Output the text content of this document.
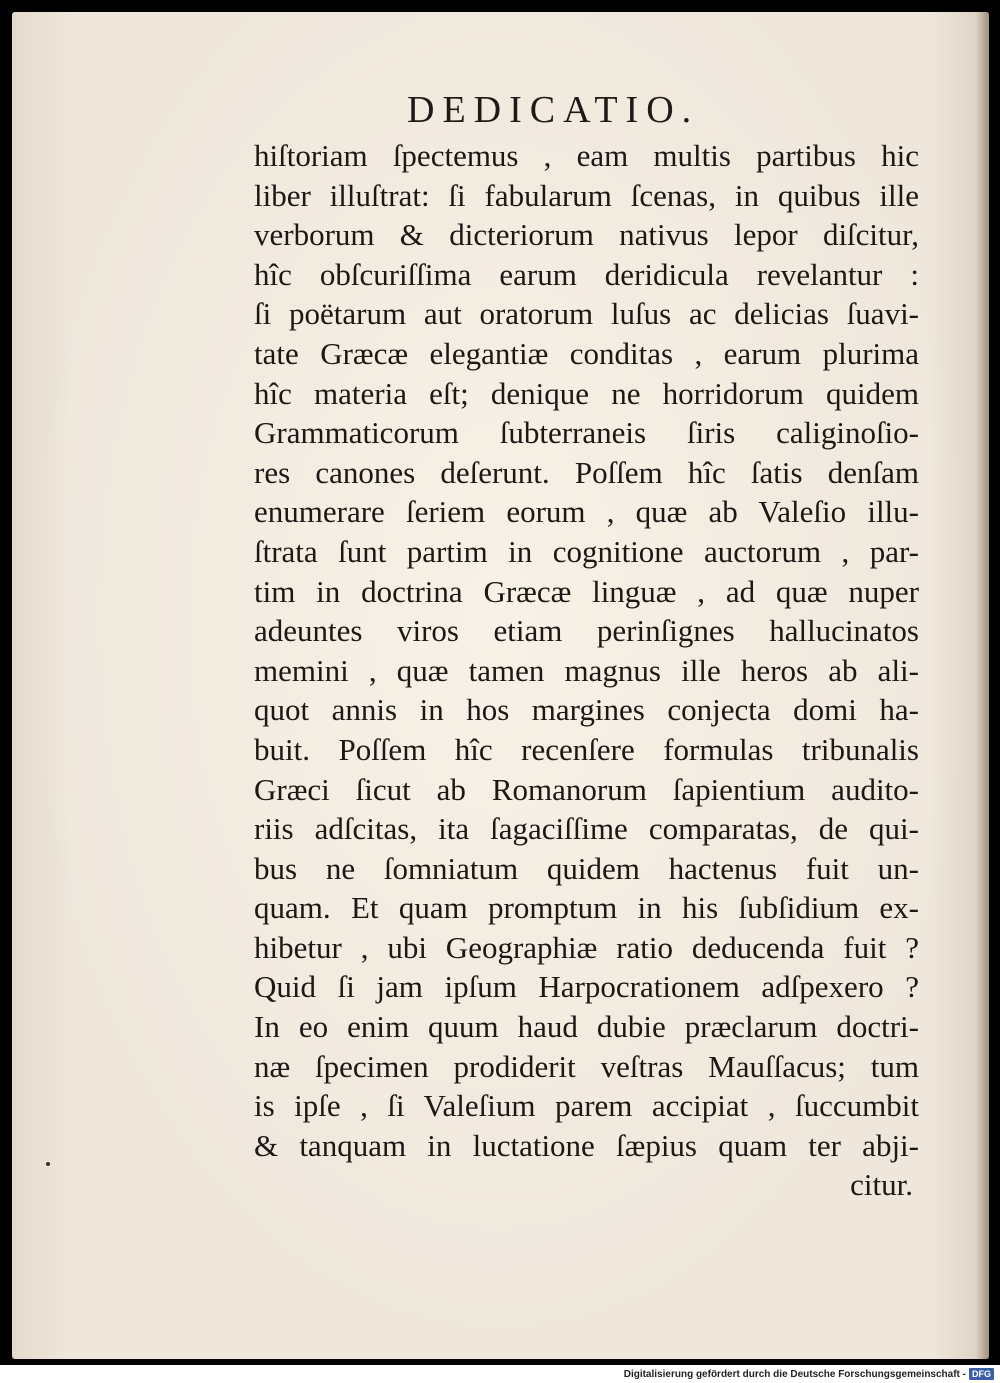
DEDICATIO.
hiſtoriam ſpectemus , eam multis partibus hic
liber illuſtrat: ſi fabularum ſcenas, in quibus ille
verborum & dicteriorum nativus lepor diſcitur,
hîc obſcuriſſima earum deridicula revelantur :
ſi poëtarum aut oratorum luſus ac delicias ſuavi-
tate Græcæ elegantiæ conditas , earum plurima
hîc materia eſt; denique ne horridorum quidem
Grammaticorum ſubterraneis ſiris caliginoſio-
res canones deſerunt. Poſſem hîc ſatis denſam
enumerare ſeriem eorum , quæ ab Valeſio illu-
ſtrata ſunt partim in cognitione auctorum , par-
tim in doctrina Græcæ linguæ , ad quæ nuper
adeuntes viros etiam perinſignes hallucinatos
memini , quæ tamen magnus ille heros ab ali-
quot annis in hos margines conjecta domi ha-
buit. Poſſem hîc recenſere formulas tribunalis
Græci ſicut ab Romanorum ſapientium audito-
riis adſcitas, ita ſagaciſſime comparatas, de qui-
bus ne ſomniatum quidem hactenus fuit un-
quam. Et quam promptum in his ſubſidium ex-
hibetur , ubi Geographiæ ratio deducenda fuit ?
Quid ſi jam ipſum Harpocrationem adſpexero ?
In eo enim quum haud dubie præclarum doctri-
næ ſpecimen prodiderit veſtras Mauſſacus; tum
is ipſe , ſi Valeſium parem accipiat , ſuccumbit
& tanquam in luctatione ſæpius quam ter abji-
citur.
Digitalisierung gefördert durch die Deutsche Forschungsgemeinschaft - DFG
